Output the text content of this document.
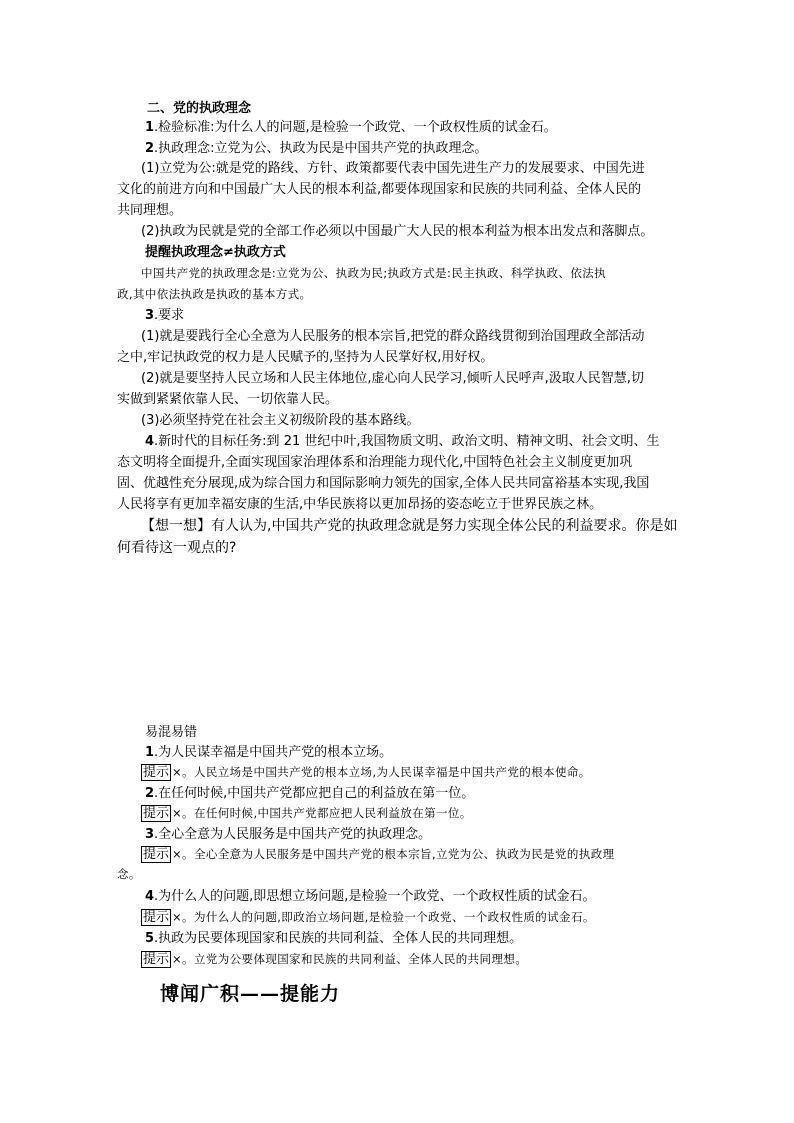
二、党的执政理念
1.检验标准:为什么人的问题,是检验一个政党、一个政权性质的试金石。
2.执政理念:立党为公、执政为民是中国共产党的执政理念。
(1)立党为公:就是党的路线、方针、政策都要代表中国先进生产力的发展要求、中国先进
文化的前进方向和中国最广大人民的根本利益,都要体现国家和民族的共同利益、全体人民的
共同理想。
(2)执政为民就是党的全部工作必须以中国最广大人民的根本利益为根本出发点和落脚点。
提醒执政理念≠执政方式
中国共产党的执政理念是:立党为公、执政为民;执政方式是:民主执政、科学执政、依法执
政,其中依法执政是执政的基本方式。
3.要求
(1)就是要践行全心全意为人民服务的根本宗旨,把党的群众路线贯彻到治国理政全部活动
之中,牢记执政党的权力是人民赋予的,坚持为人民掌好权,用好权。
(2)就是要坚持人民立场和人民主体地位,虚心向人民学习,倾听人民呼声,汲取人民智慧,切
实做到紧紧依靠人民、一切依靠人民。
(3)必须坚持党在社会主义初级阶段的基本路线。
4.新时代的目标任务:到 21 世纪中叶,我国物质文明、政治文明、精神文明、社会文明、生
态文明将全面提升,全面实现国家治理体系和治理能力现代化,中国特色社会主义制度更加巩
固、优越性充分展现,成为综合国力和国际影响力领先的国家,全体人民共同富裕基本实现,我国
人民将享有更加幸福安康的生活,中华民族将以更加昂扬的姿态屹立于世界民族之林。
【想一想】有人认为,中国共产党的执政理念就是努力实现全体公民的利益要求。你是如
何看待这一观点的?
易混易错
1.为人民谋幸福是中国共产党的根本立场。
提示 ×。人民立场是中国共产党的根本立场,为人民谋幸福是中国共产党的根本使命。
2.在任何时候,中国共产党都应把自己的利益放在第一位。
提示 ×。在任何时候,中国共产党都应把人民利益放在第一位。
3.全心全意为人民服务是中国共产党的执政理念。
提示 ×。全心全意为人民服务是中国共产党的根本宗旨,立党为公、执政为民是党的执政理
念。
4.为什么人的问题,即思想立场问题,是检验一个政党、一个政权性质的试金石。
提示 ×。为什么人的问题,即政治立场问题,是检验一个政党、一个政权性质的试金石。
5.执政为民要体现国家和民族的共同利益、全体人民的共同理想。
提示 ×。立党为公要体现国家和民族的共同利益、全体人民的共同理想。
博闻广积——提能力
